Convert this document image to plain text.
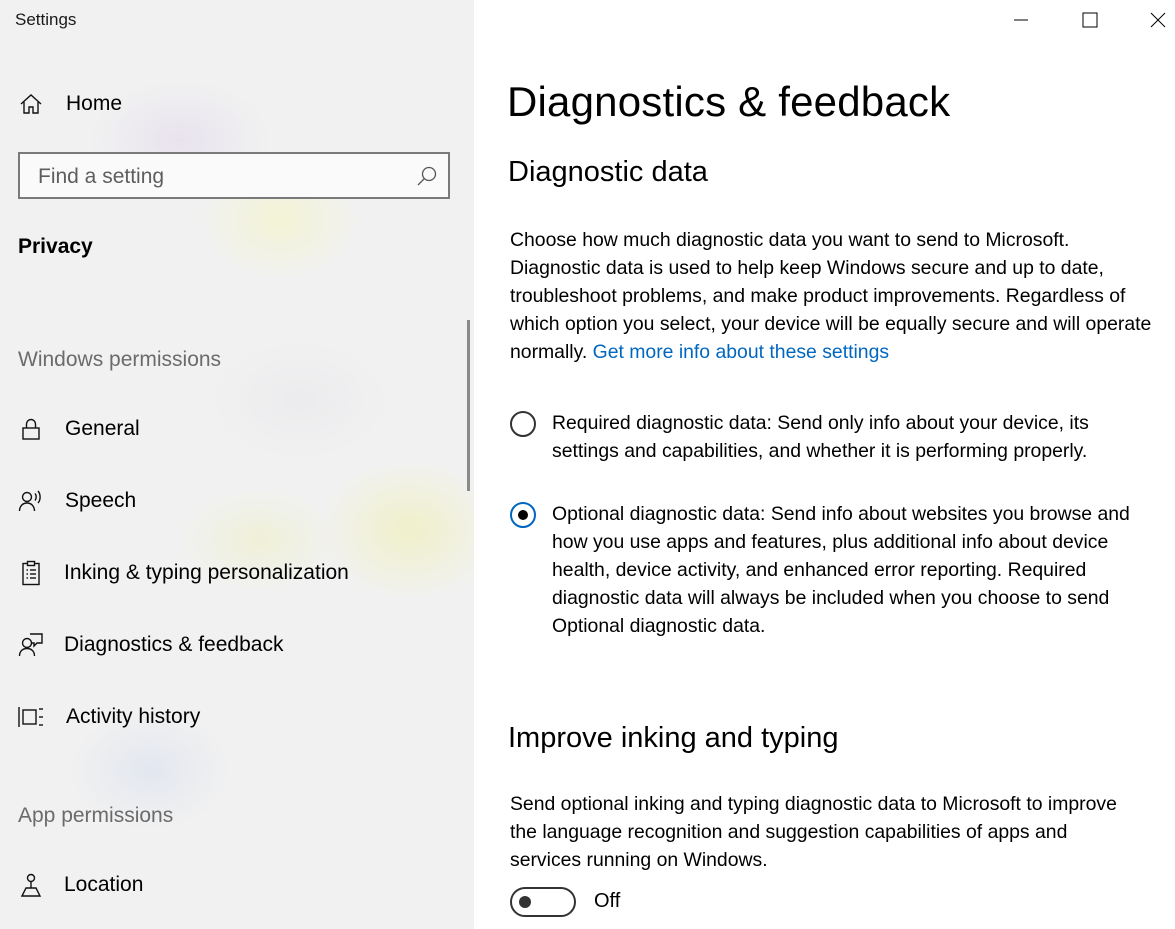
Settings
Home
Find a setting
Privacy
Windows permissions
General
Speech
Inking & typing personalization
Diagnostics & feedback
Activity history
App permissions
Location
Diagnostics & feedback
Diagnostic data

Choose how much diagnostic data you want to send to Microsoft. Diagnostic data is used to help keep Windows secure and up to date, troubleshoot problems, and make product improvements. Regardless of which option you select, your device will be equally secure and will operate normally. Get more info about these settings

Required diagnostic data: Send only info about your device, its settings and capabilities, and whether it is performing properly.
Optional diagnostic data: Send info about websites you browse and how you use apps and features, plus additional info about device health, device activity, and enhanced error reporting. Required diagnostic data will always be included when you choose to send Optional diagnostic data.
Improve inking and typing

Send optional inking and typing diagnostic data to Microsoft to improve the language recognition and suggestion capabilities of apps and services running on Windows.

Off
